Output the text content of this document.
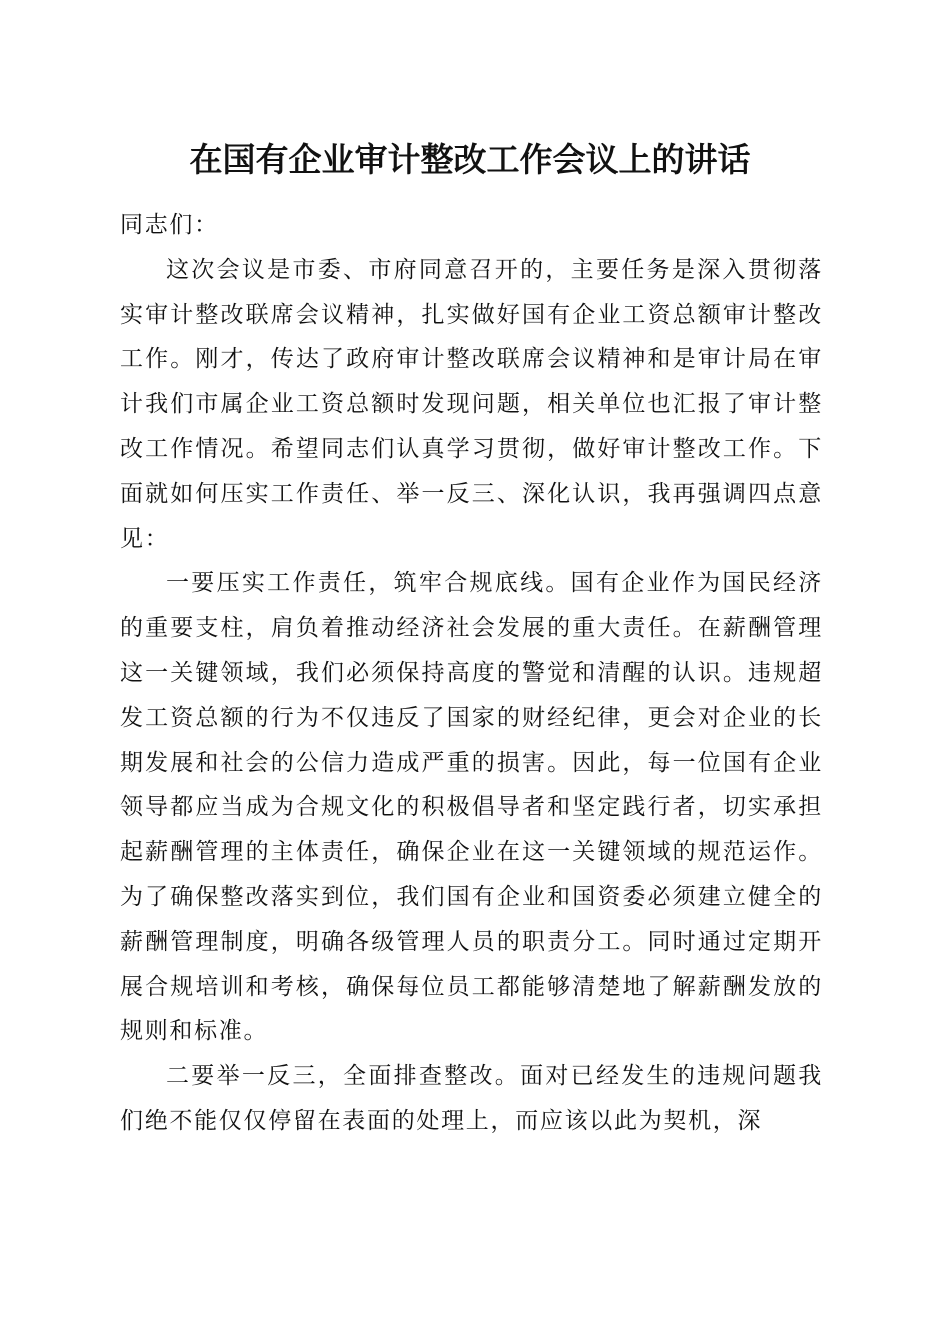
在国有企业审计整改工作会议上的讲话

同志们：

这次会议是市委、市府同意召开的，主要任务是深入贯彻落实审计整改联席会议精神，扎实做好国有企业工资总额审计整改工作。刚才，传达了政府审计整改联席会议精神和是审计局在审计我们市属企业工资总额时发现问题，相关单位也汇报了审计整改工作情况。希望同志们认真学习贯彻，做好审计整改工作。下面就如何压实工作责任、举一反三、深化认识，我再强调四点意见：

一要压实工作责任，筑牢合规底线。国有企业作为国民经济的重要支柱，肩负着推动经济社会发展的重大责任。在薪酬管理这一关键领域，我们必须保持高度的警觉和清醒的认识。违规超发工资总额的行为不仅违反了国家的财经纪律，更会对企业的长期发展和社会的公信力造成严重的损害。因此，每一位国有企业领导都应当成为合规文化的积极倡导者和坚定践行者，切实承担起薪酬管理的主体责任，确保企业在这一关键领域的规范运作。为了确保整改落实到位，我们国有企业和国资委必须建立健全的薪酬管理制度，明确各级管理人员的职责分工。同时通过定期开展合规培训和考核，确保每位员工都能够清楚地了解薪酬发放的规则和标准。

二要举一反三，全面排查整改。面对已经发生的违规问题我们绝不能仅仅停留在表面的处理上，而应该以此为契机，深
